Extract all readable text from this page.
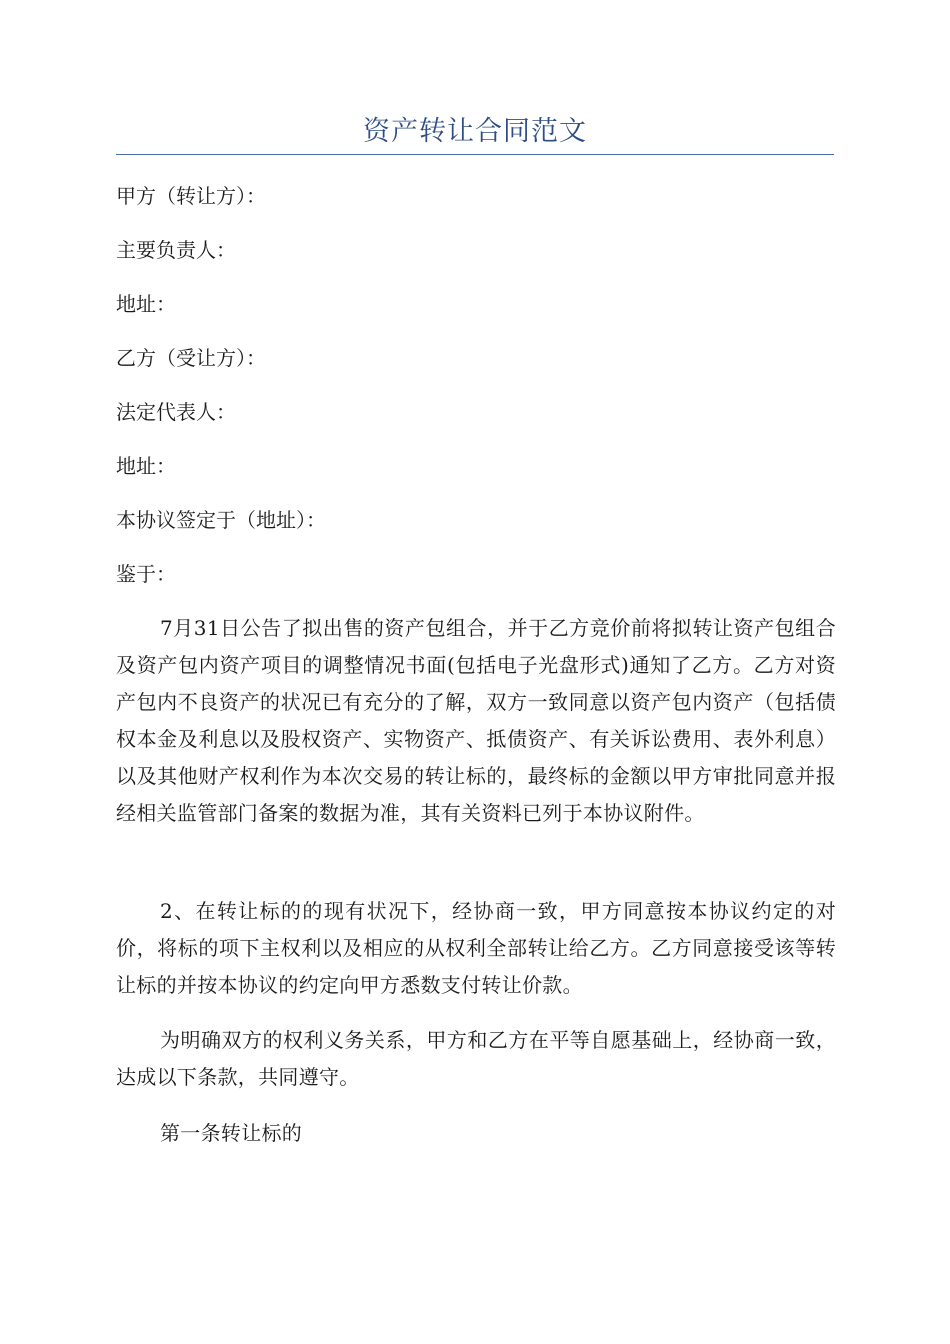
资产转让合同范文
甲方（转让方）：
主要负责人：
地址：
乙方（受让方）：
法定代表人：
地址：
本协议签定于（地址）：
鉴于：
7月31日公告了拟出售的资产包组合，并于乙方竞价前将拟转让资产包组合及资产包内资产项目的调整情况书面(包括电子光盘形式)通知了乙方。乙方对资产包内不良资产的状况已有充分的了解，双方一致同意以资产包内资产（包括债权本金及利息以及股权资产、实物资产、抵债资产、有关诉讼费用、表外利息）以及其他财产权利作为本次交易的转让标的，最终标的金额以甲方审批同意并报经相关监管部门备案的数据为准，其有关资料已列于本协议附件。
2、在转让标的的现有状况下，经协商一致，甲方同意按本协议约定的对价，将标的项下主权利以及相应的从权利全部转让给乙方。乙方同意接受该等转让标的并按本协议的约定向甲方悉数支付转让价款。
为明确双方的权利义务关系，甲方和乙方在平等自愿基础上，经协商一致，达成以下条款，共同遵守。
第一条转让标的
